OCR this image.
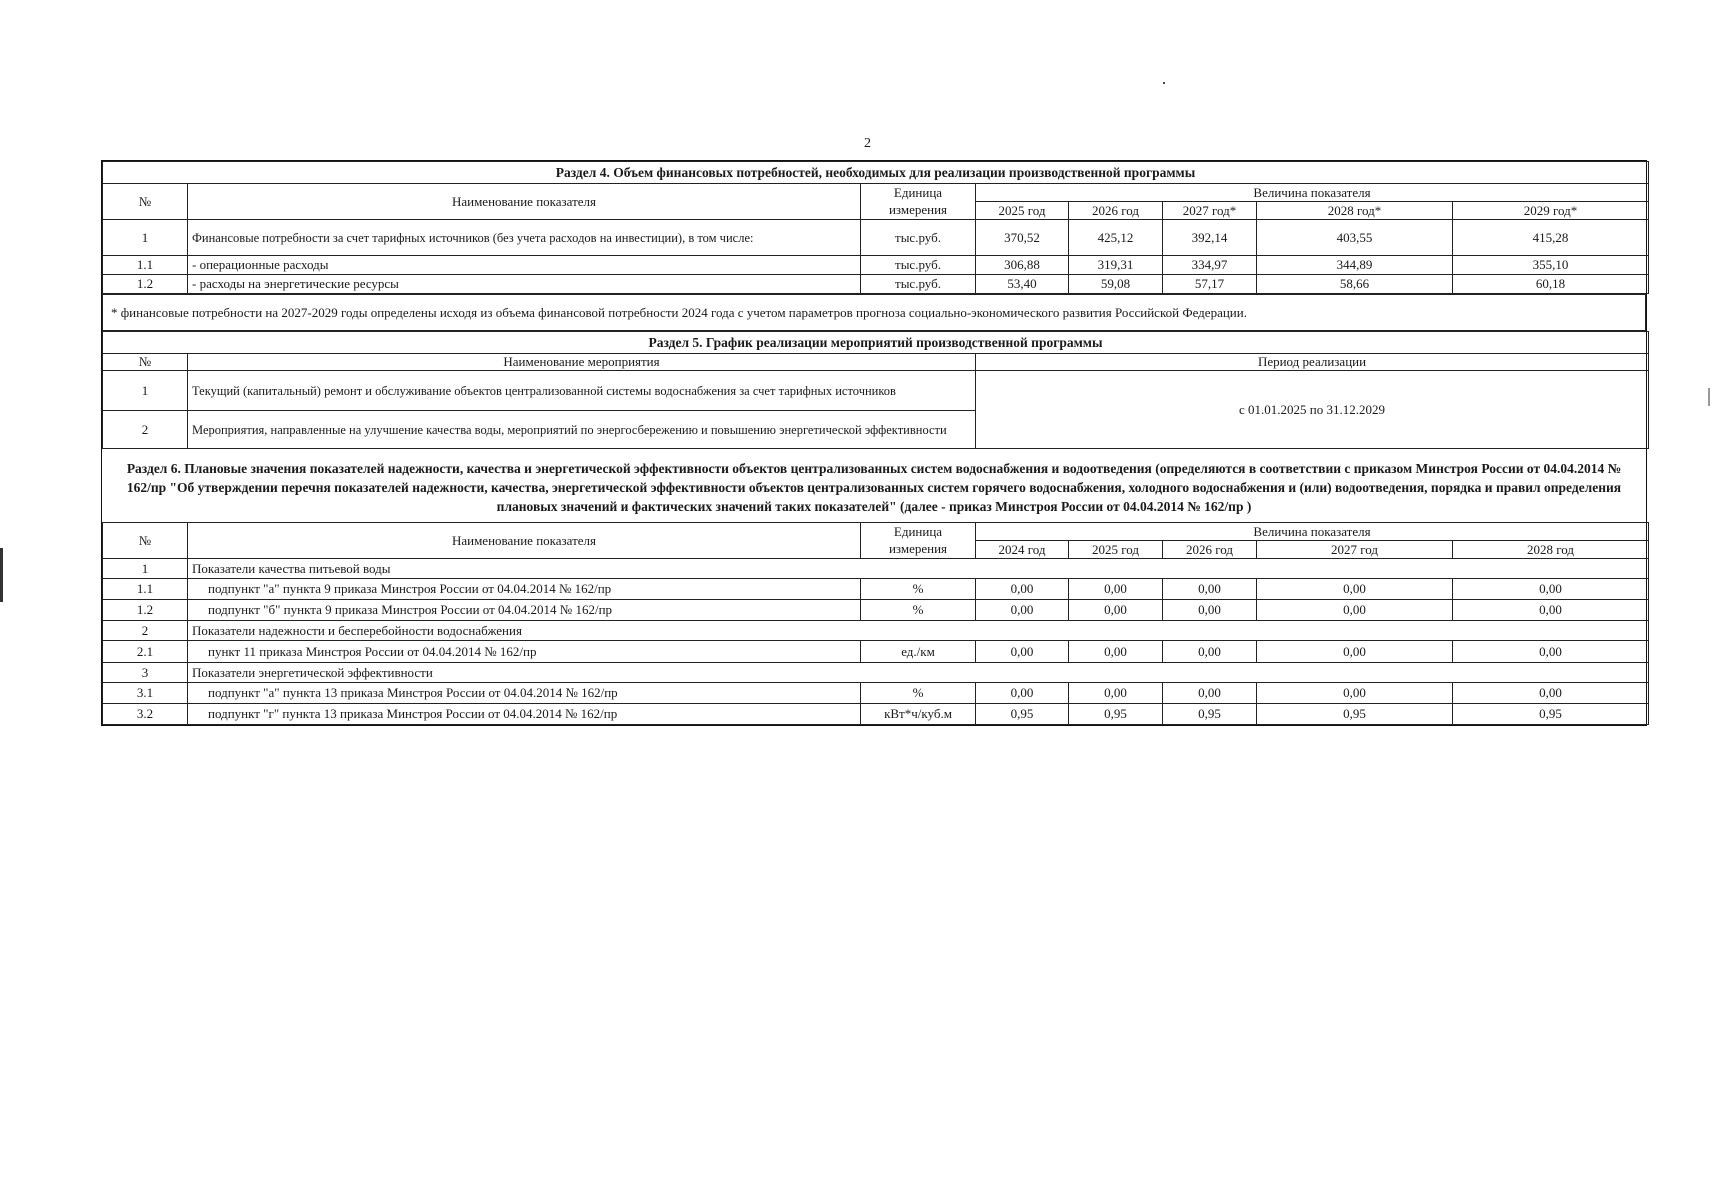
2
Раздел 4. Объем финансовых потребностей, необходимых для реализации производственной программы							
№	Наименование показателя	Единица	Величина показателя				
		измерения	2025 год	2026 год	2027 год*	2028 год*	2029 год*
1	Финансовые потребности за счет тарифных источников (без учета расходов на инвестиции), в том числе:	тыс.руб.	370,52	425,12	392,14	403,55	415,28
1.1	- операционные расходы	тыс.руб.	306,88	319,31	334,97	344,89	355,10
1.2	- расходы на энергетические ресурсы	тыс.руб.	53,40	59,08	57,17	58,66	60,18
* финансовые потребности на 2027-2029 годы определены исходя из объема финансовой потребности 2024 года с учетом параметров прогноза социально-экономического развития Российской Федерации.
Раздел 5. График реализации мероприятий производственной программы		
№	Наименование мероприятия	Период реализации
1	Текущий (капитальный) ремонт и обслуживание объектов централизованной системы водоснабжения за счет тарифных источников	с 01.01.2025 по 31.12.2029
2	Мероприятия, направленные на улучшение качества воды, мероприятий по энергосбережению и повышению энергетической эффективности	
Раздел 6. Плановые значения показателей надежности, качества и энергетической эффективности объектов централизованных систем водоснабжения и водоотведения (определяются в соответствии с приказом Минстроя России от 04.04.2014 № 162/пр "Об утверждении перечня показателей надежности, качества, энергетической эффективности объектов централизованных систем горячего водоснабжения, холодного водоснабжения и (или) водоотведения, порядка и правил определения плановых значений и фактических значений таких показателей" (далее - приказ Минстроя России от 04.04.2014 № 162/пр )
№	Наименование показателя	Единица	Величина показателя				
		измерения	2024 год	2025 год	2026 год	2027 год	2028 год
1	Показатели качества питьевой воды						
1.1	подпункт "а" пункта 9 приказа Минстроя России от 04.04.2014 № 162/пр	%	0,00	0,00	0,00	0,00	0,00
1.2	подпункт "б" пункта 9 приказа Минстроя России от 04.04.2014 № 162/пр	%	0,00	0,00	0,00	0,00	0,00
2	Показатели надежности и бесперебойности водоснабжения						
2.1	пункт 11 приказа Минстроя России от 04.04.2014 № 162/пр	ед./км	0,00	0,00	0,00	0,00	0,00
3	Показатели энергетической эффективности						
3.1	подпункт "а" пункта 13 приказа Минстроя России от 04.04.2014 № 162/пр	%	0,00	0,00	0,00	0,00	0,00
3.2	подпункт "г" пункта 13 приказа Минстроя России от 04.04.2014 № 162/пр	кВт*ч/куб.м	0,95	0,95	0,95	0,95	0,95
